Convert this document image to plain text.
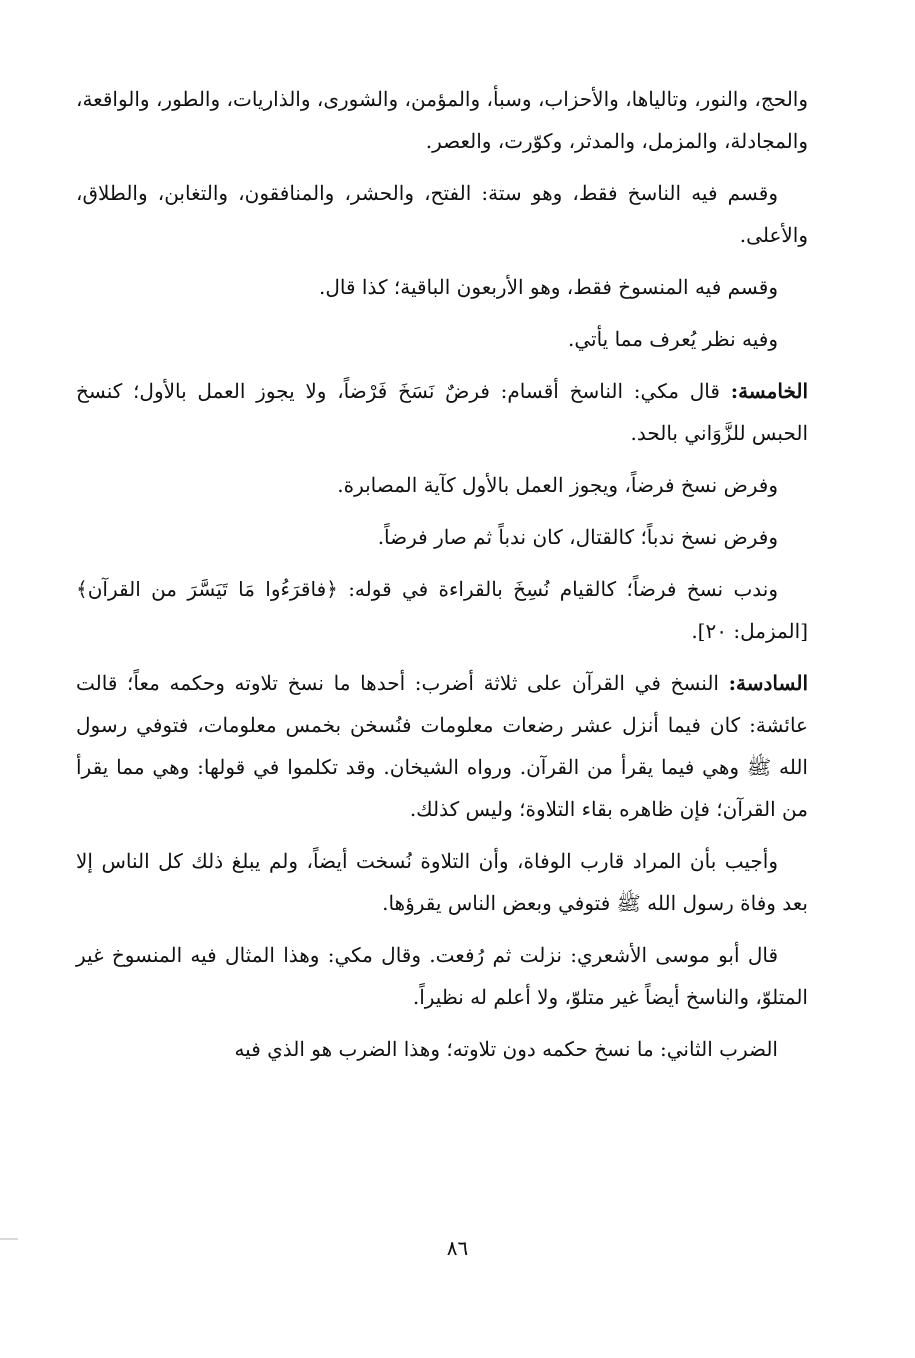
والحج، والنور، وتالياها، والأحزاب، وسبأ، والمؤمن، والشورى، والذاريات، والطور، والواقعة، والمجادلة، والمزمل، والمدثر، وكوّرت، والعصر.

وقسم فيه الناسخ فقط، وهو ستة: الفتح، والحشر، والمنافقون، والتغابن، والطلاق، والأعلى.

وقسم فيه المنسوخ فقط، وهو الأربعون الباقية؛ كذا قال.

وفيه نظر يُعرف مما يأتي.

الخامسة: قال مكي: الناسخ أقسام: فرضٌ نَسَخَ فَرْضاً، ولا يجوز العمل بالأول؛ كنسخ الحبس للزَّوَاني بالحد.

وفرض نسخ فرضاً، ويجوز العمل بالأول كآية المصابرة.

وفرض نسخ ندباً؛ كالقتال، كان ندباً ثم صار فرضاً.

وندب نسخ فرضاً؛ كالقيام نُسِخَ بالقراءة في قوله: ﴿فاقرَءُوا مَا تَيَسَّرَ من القرآن﴾ [المزمل: ٢٠].

السادسة: النسخ في القرآن على ثلاثة أضرب: أحدها ما نسخ تلاوته وحكمه معاً؛ قالت عائشة: كان فيما أنزل عشر رضعات معلومات فنُسخن بخمس معلومات، فتوفي رسول الله ﷺ وهي فيما يقرأ من القرآن. ورواه الشيخان. وقد تكلموا في قولها: وهي مما يقرأ من القرآن؛ فإن ظاهره بقاء التلاوة؛ وليس كذلك.

وأجيب بأن المراد قارب الوفاة، وأن التلاوة نُسخت أيضاً، ولم يبلغ ذلك كل الناس إلا بعد وفاة رسول الله ﷺ فتوفي وبعض الناس يقرؤها.

قال أبو موسى الأشعري: نزلت ثم رُفعت. وقال مكي: وهذا المثال فيه المنسوخ غير المتلوّ، والناسخ أيضاً غير متلوّ، ولا أعلم له نظيراً.

الضرب الثاني: ما نسخ حكمه دون تلاوته؛ وهذا الضرب هو الذي فيه

٨٦
